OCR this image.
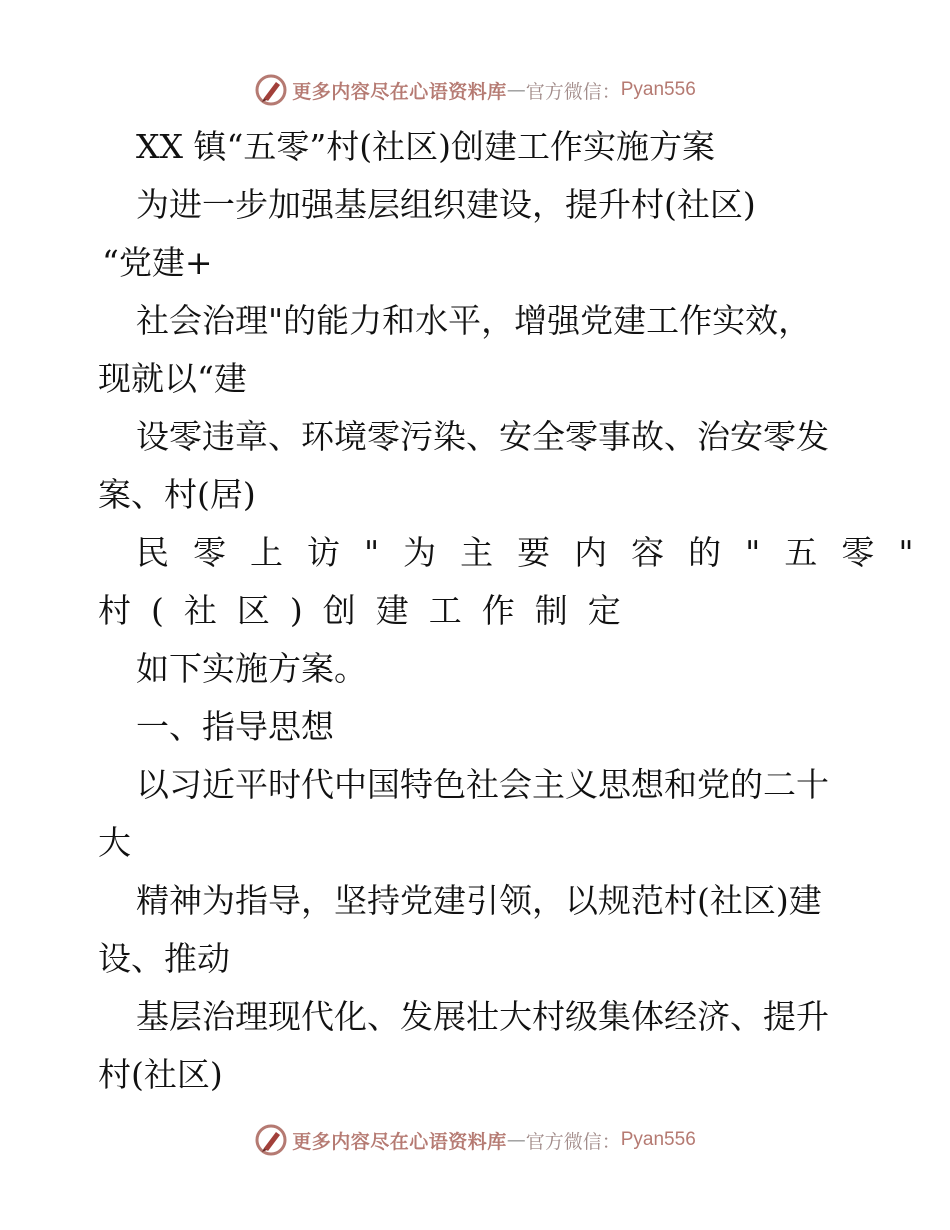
更多内容尽在心语资料库 — 官方微信： Pyan556
XX 镇“五零”村(社区)创建工作实施方案
为进一步加强基层组织建设，提升村(社区)
“党建+
社会治理"的能力和水平，增强党建工作实效，
现就以“建
设零违章、环境零污染、安全零事故、治安零发
案、村(居)
民零上访"为主要内容的"五零"
村(社区)创建工作制定
如下实施方案。
一、指导思想
以习近平时代中国特色社会主义思想和党的二十
大
精神为指导，坚持党建引领，以规范村(社区)建
设、推动
基层治理现代化、发展壮大村级集体经济、提升
村(社区)
更多内容尽在心语资料库 — 官方微信： Pyan556
